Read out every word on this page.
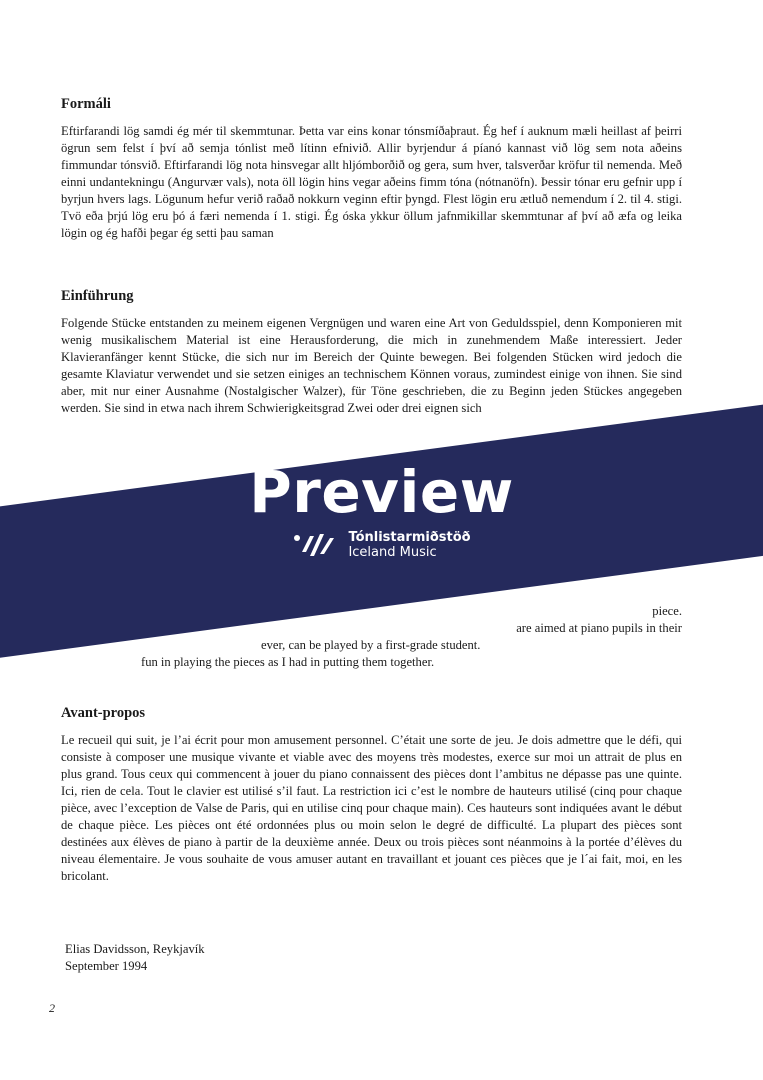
Formáli

Eftirfarandi lög samdi ég mér til skemmtunar. Þetta var eins konar tónsmíðaþraut. Ég hef í auknum mæli heillast af þeirri ögrun sem felst í því að semja tónlist með lítinn efnivið. Allir byrjendur á píanó kannast við lög sem nota aðeins fimmundar tónsvið. Eftirfarandi lög nota hinsvegar allt hljómborðið og gera, sum hver, talsverðar kröfur til nemenda. Með einni undantekningu (Angurvær vals), nota öll lögin hins vegar aðeins fimm tóna (nótnanöfn). Þessir tónar eru gefnir upp í byrjun hvers lags. Lögunum hefur verið raðað nokkurn veginn eftir þyngd. Flest lögin eru ætluð nemendum í 2. til 4. stigi. Tvö eða þrjú lög eru þó á færi nemenda í 1. stigi. Ég óska ykkur öllum jafnmikillar skemmtunar af því að æfa og leika lögin og ég hafði þegar ég setti þau saman

Einführung

Folgende Stücke entstanden zu meinem eigenen Vergnügen und waren eine Art von Geduldsspiel, denn Komponieren mit wenig musikalischem Material ist eine Herausforderung, die mich in zunehmendem Maße interessiert. Jeder Klavieranfänger kennt Stücke, die sich nur im Bereich der Quinte bewegen. Bei folgenden Stücken wird jedoch die gesamte Klaviatur verwendet und sie setzen einiges an technischem Können voraus, zumindest einige von ihnen. Sie sind aber, mit nur einer Ausnahme (Nostalgischer Walzer), für Töne geschrieben, die zu Beginn jeden Stückes angegeben werden. Sie sind in etwa nach ihrem Schwierigkeitsgrad Zwei oder drei eignen sich

piece.

are aimed at piano pupils in their

ever, can be played by a first-grade student.

fun in playing the pieces as I had in putting them together.

Avant-propos

Le recueil qui suit, je l’ai écrit pour mon amusement personnel. C’était une sorte de jeu. Je dois admettre que le défi, qui consiste à composer une musique vivante et viable avec des moyens très modestes, exerce sur moi un attrait de plus en plus grand. Tous ceux qui commencent à jouer du piano connaissent des pièces dont l’ambitus ne dépasse pas une quinte. Ici, rien de cela. Tout le clavier est utilisé s’il faut. La restriction ici c’est le nombre de hauteurs utilisé (cinq pour chaque pièce, avec l’exception de Valse de Paris, qui en utilise cinq pour chaque main). Ces hauteurs sont indiquées avant le début de chaque pièce. Les pièces ont été ordonnées plus ou moin selon le degré de difficulté. La plupart des pièces sont destinées aux élèves de piano à partir de la deuxième année. Deux ou trois pièces sont néanmoins à la portée d’élèves du niveau élementaire. Je vous souhaite de vous amuser autant en travaillant et jouant ces pièces que je l´ai fait, moi, en les bricolant.

Elias Davidsson, Reykjavík
September 1994
2
Preview
Tónlistarmiðstöð
Iceland Music
